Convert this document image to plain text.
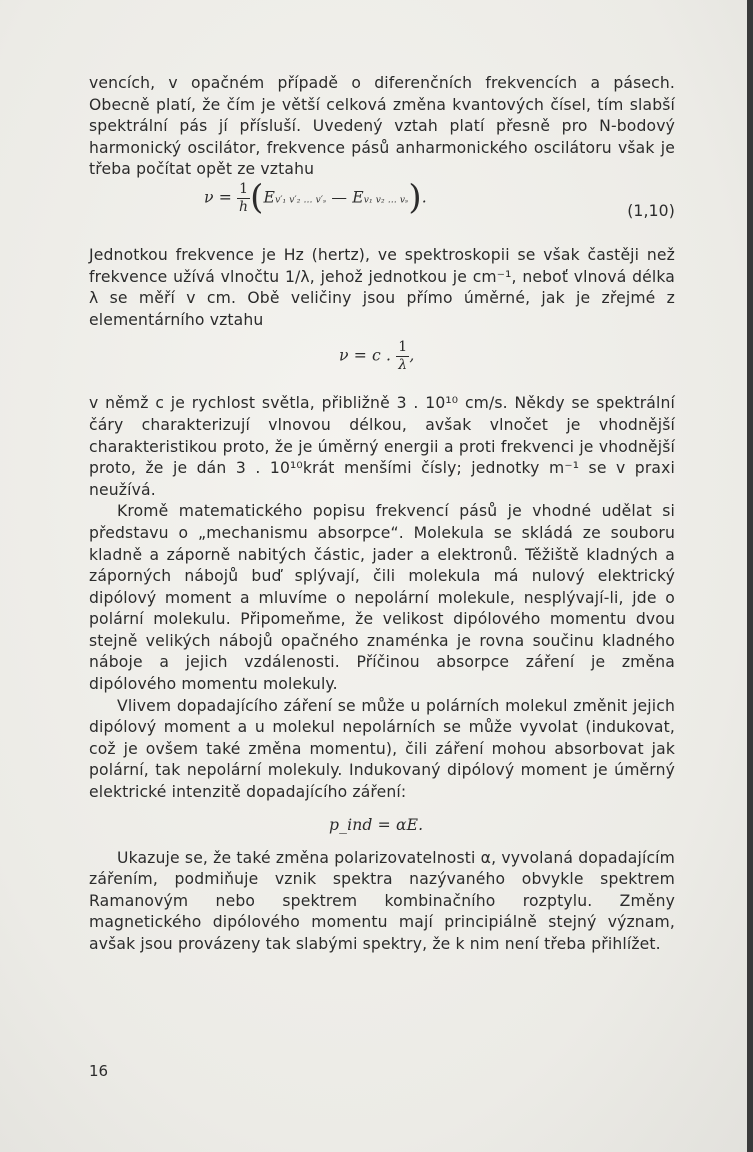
vencích, v opačném případě o diferenčních frekvencích a pásech. Obecně platí, že čím je větší celková změna kvantových čísel, tím slabší spektrální pás jí přísluší. Uvedený vztah platí přesně pro N-bodový harmonický oscilátor, frekvence pásů anharmonického oscilátoru však je třeba počítat opět ze vztahu

$\nu = \frac{1}{h} (Ev'_1$ v′₂ … v′ₛ — Ev₁ v₂ … vₛ).
(1,10)

Jednotkou frekvence je Hz (hertz), ve spektroskopii se však častěji než frekvence užívá vlnočtu 1/λ, jehož jednotkou je cm⁻¹, neboť vlnová délka λ se měří v cm. Obě veličiny jsou přímo úměrné, jak je zřejmé z elementárního vztahu

ν = c . $\frac{1}{\lambda}$ ,

v němž c je rychlost světla, přibližně 3 . 10¹⁰ cm/s. Někdy se spektrální čáry charakterizují vlnovou délkou, avšak vlnočet je vhodnější charakteristikou proto, že je úměrný energii a proti frekvenci je vhodnější proto, že je dán 3 . 10¹⁰krát menšími čísly; jednotky m⁻¹ se v praxi neužívá.

Kromě matematického popisu frekvencí pásů je vhodné udělat si představu o „mechanismu absorpce“. Molekula se skládá ze souboru kladně a záporně nabitých částic, jader a elektronů. Těžiště kladných a záporných nábojů buď splývají, čili molekula má nulový elektrický dipólový moment a mluvíme o nepolární molekule, nesplývají-li, jde o polární molekulu. Připomeňme, že velikost dipólového momentu dvou stejně velikých nábojů opačného znaménka je rovna součinu kladného náboje a jejich vzdálenosti. Příčinou absorpce záření je změna dipólového momentu molekuly.

Vlivem dopadajícího záření se může u polárních molekul změnit jejich dipólový moment a u molekul nepolárních se může vyvolat (indukovat, což je ovšem také změna momentu), čili záření mohou absorbovat jak polární, tak nepolární molekuly. Indukovaný dipólový moment je úměrný elektrické intenzitě dopadajícího záření:

p_ind = αE.

Ukazuje se, že také změna polarizovatelnosti α, vyvolaná dopadajícím zářením, podmiňuje vznik spektra nazývaného obvykle spektrem Ramanovým nebo spektrem kombinačního rozptylu. Změny magnetického dipólového momentu mají principiálně stejný význam, avšak jsou provázeny tak slabými spektry, že k nim není třeba přihlížet.

16
